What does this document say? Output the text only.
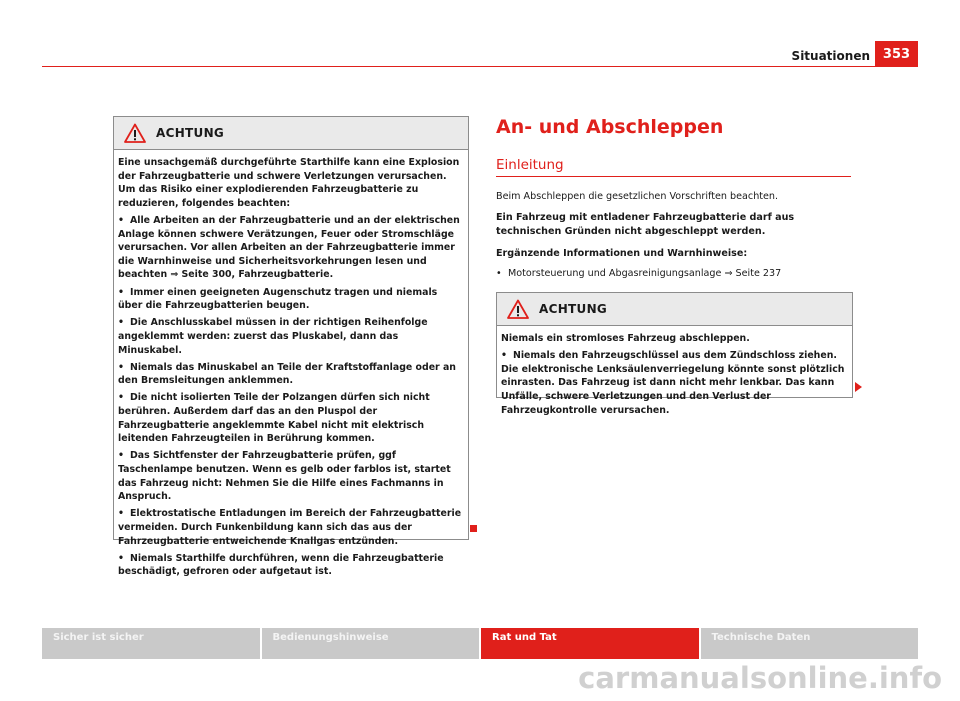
Situationen 353
ACHTUNG

Eine unsachgemäß durchgeführte Starthilfe kann eine Explosion der Fahrzeugbatterie und schwere Verletzungen verursachen. Um das Risiko einer explodierenden Fahrzeugbatterie zu reduzieren, folgendes beachten:

• Alle Arbeiten an der Fahrzeugbatterie und an der elektrischen Anlage können schwere Verätzungen, Feuer oder Stromschläge verursachen. Vor allen Arbeiten an der Fahrzeugbatterie immer die Warnhinweise und Sicherheitsvorkehrungen lesen und beachten ⇒ Seite 300, Fahrzeugbatterie.

• Immer einen geeigneten Augenschutz tragen und niemals über die Fahrzeugbatterien beugen.

• Die Anschlusskabel müssen in der richtigen Reihenfolge angeklemmt werden: zuerst das Pluskabel, dann das Minuskabel.

• Niemals das Minuskabel an Teile der Kraftstoffanlage oder an den Bremsleitungen anklemmen.

• Die nicht isolierten Teile der Polzangen dürfen sich nicht berühren. Außerdem darf das an den Pluspol der Fahrzeugbatterie angeklemmte Kabel nicht mit elektrisch leitenden Fahrzeugteilen in Berührung kommen.

• Das Sichtfenster der Fahrzeugbatterie prüfen, ggf Taschenlampe benutzen. Wenn es gelb oder farblos ist, startet das Fahrzeug nicht: Nehmen Sie die Hilfe eines Fachmanns in Anspruch.

• Elektrostatische Entladungen im Bereich der Fahrzeugbatterie vermeiden. Durch Funkenbildung kann sich das aus der Fahrzeugbatterie entweichende Knallgas entzünden.

• Niemals Starthilfe durchführen, wenn die Fahrzeugbatterie beschädigt, gefroren oder aufgetaut ist.

An- und Abschleppen
Einleitung
Beim Abschleppen die gesetzlichen Vorschriften beachten.
Ein Fahrzeug mit entladener Fahrzeugbatterie darf aus technischen Gründen nicht abgeschleppt werden.
Ergänzende Informationen und Warnhinweise:
• Motorsteuerung und Abgasreinigungsanlage ⇒ Seite 237
ACHTUNG

Niemals ein stromloses Fahrzeug abschleppen.

• Niemals den Fahrzeugschlüssel aus dem Zündschloss ziehen. Die elektronische Lenksäulenverriegelung könnte sonst plötzlich einrasten. Das Fahrzeug ist dann nicht mehr lenkbar. Das kann Unfälle, schwere Verletzungen und den Verlust der Fahrzeugkontrolle verursachen.

Sicher ist sicher	Bedienungshinweise	Rat und Tat	Technische Daten
carmanualsonline.info
